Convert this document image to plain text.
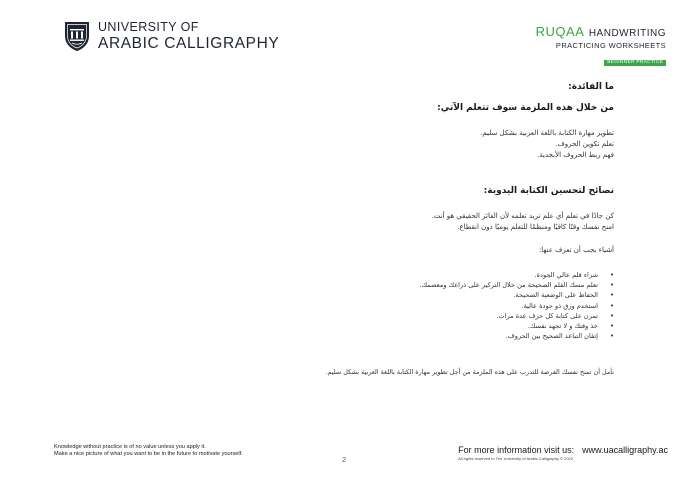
UNIVERSITY OF
ARABIC CALLIGRAPHY
RUQAA HANDWRITING
PRACTICING WORKSHEETS
BEGINNER PRACTICE
ما الفائدة:
من خلال هذه الملزمة سوف تتعلم الآتي:
تطوير مهارة الكتابة باللغة العربية بشكل سليم.
تعلم تكوين الحروف.
فهم ربط الحروف الأبجدية.
نصائح لتحسين الكتابة اليدوية:
كن جادًا في تعلم أي علم تريد تعلمه لأن الفائز الحقيقي هو أنت.
امنح نفسك وقتًا كافيًا ومنظمًا للتعلم يوميًا دون انقطاع.
أشياء يجب أن تعرف عنها:
• شراء قلم عالي الجودة.
• تعلم مسك القلم الصحيحة من خلال التركيز على ذراعك ومعصمك.
• الحفاظ على الوضعية الصحيحة.
• استخدم ورق ذو جودة عالية.
• تمرن على كتابة كل حرف عدة مرات.
• خذ وقتك و لا تجهد نفسك.
• إتقان التباعد الصحيح بين الحروف.
نأمل أن تمنح نفسك الفرصة للتدرب على هذه الملزمة من أجل تطوير مهارة الكتابة باللغة العربية بشكل سليم.
Knowledge without practice is of no value unless you apply it.
Make a nice picture of what you want to be in the future to motivate yourself.
2
For more information visit us: www.uacalligraphy.ac
All rights reserved to The University of Arabic Calligraphy © 2022
